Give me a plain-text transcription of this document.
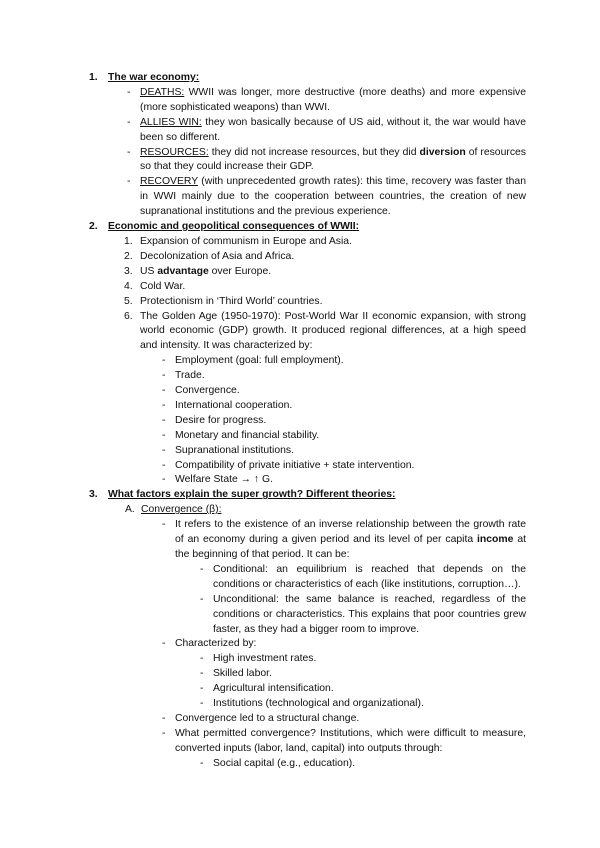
1. The war economy:
- DEATHS: WWII was longer, more destructive (more deaths) and more expensive (more sophisticated weapons) than WWI.
- ALLIES WIN: they won basically because of US aid, without it, the war would have been so different.
- RESOURCES: they did not increase resources, but they did diversion of resources so that they could increase their GDP.
- RECOVERY (with unprecedented growth rates): this time, recovery was faster than in WWI mainly due to the cooperation between countries, the creation of new supranational institutions and the previous experience.
2. Economic and geopolitical consequences of WWII:
1. Expansion of communism in Europe and Asia.
2. Decolonization of Asia and Africa.
3. US advantage over Europe.
4. Cold War.
5. Protectionism in ‘Third World’ countries.
6. The Golden Age (1950-1970): Post-World War II economic expansion, with strong world economic (GDP) growth. It produced regional differences, at a high speed and intensity. It was characterized by:
- Employment (goal: full employment).
- Trade.
- Convergence.
- International cooperation.
- Desire for progress.
- Monetary and financial stability.
- Supranational institutions.
- Compatibility of private initiative + state intervention.
- Welfare State → ↑ G.
3. What factors explain the super growth? Different theories:
A. Convergence (β):
- It refers to the existence of an inverse relationship between the growth rate of an economy during a given period and its level of per capita income at the beginning of that period. It can be:
- Conditional: an equilibrium is reached that depends on the conditions or characteristics of each (like institutions, corruption…).
- Unconditional: the same balance is reached, regardless of the conditions or characteristics. This explains that poor countries grew faster, as they had a bigger room to improve.
- Characterized by:
- High investment rates.
- Skilled labor.
- Agricultural intensification.
- Institutions (technological and organizational).
- Convergence led to a structural change.
- What permitted convergence? Institutions, which were difficult to measure, converted inputs (labor, land, capital) into outputs through:
- Social capital (e.g., education).
